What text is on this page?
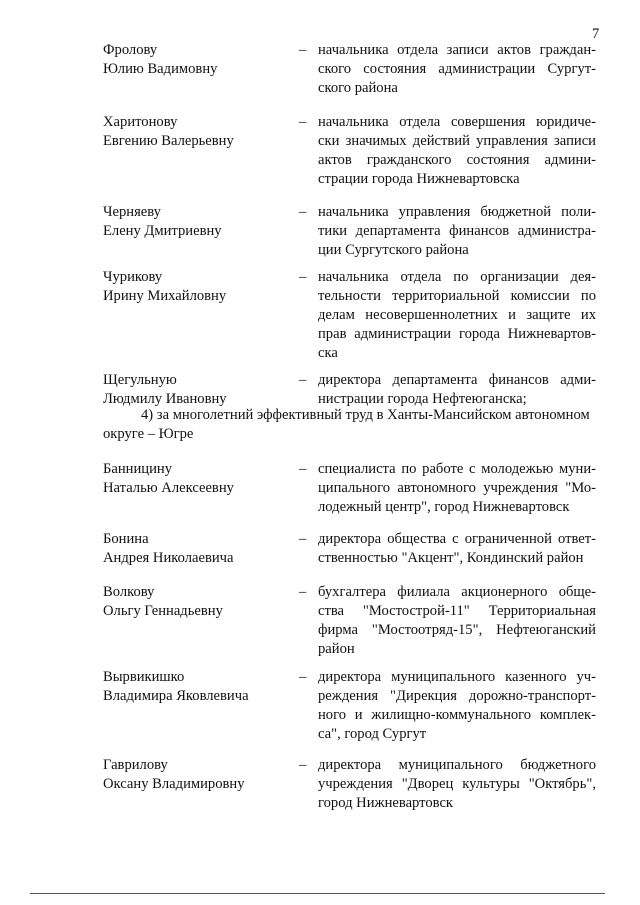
7
Фролову
Юлию Вадимовну
– начальника отдела записи актов граждан-
ского состояния администрации Сургут-
ского района
Харитонову
Евгению Валерьевну
– начальника отдела совершения юридиче-
ски значимых действий управления записи
актов гражданского состояния админи-
страции города Нижневартовска
Черняеву
Елену Дмитриевну
– начальника управления бюджетной поли-
тики департамента финансов администра-
ции Сургутского района
Чурикову
Ирину Михайловну
– начальника отдела по организации дея-
тельности территориальной комиссии по
делам несовершеннолетних и защите их
прав администрации города Нижневартов-
ска
Щегульную
Людмилу Ивановну
– директора департамента финансов адми-
нистрации города Нефтеюганска;
4) за многолетний эффективный труд в Ханты-Мансийском автономном
округе – Югре
Банницину
Наталью Алексеевну
– специалиста по работе с молодежью муни-
ципального автономного учреждения "Мо-
лодежный центр", город Нижневартовск
Бонина
Андрея Николаевича
– директора общества с ограниченной ответ-
ственностью "Акцент", Кондинский район
Волкову
Ольгу Геннадьевну
– бухгалтера филиала акционерного обще-
ства "Мостострой-11" Территориальная
фирма "Мостоотряд-15", Нефтеюганский
район
Вырвикишко
Владимира Яковлевича
– директора муниципального казенного уч-
реждения "Дирекция дорожно-транспорт-
ного и жилищно-коммунального комплек-
са", город Сургут
Гаврилову
Оксану Владимировну
– директора муниципального бюджетного
учреждения "Дворец культуры "Октябрь",
город Нижневартовск
